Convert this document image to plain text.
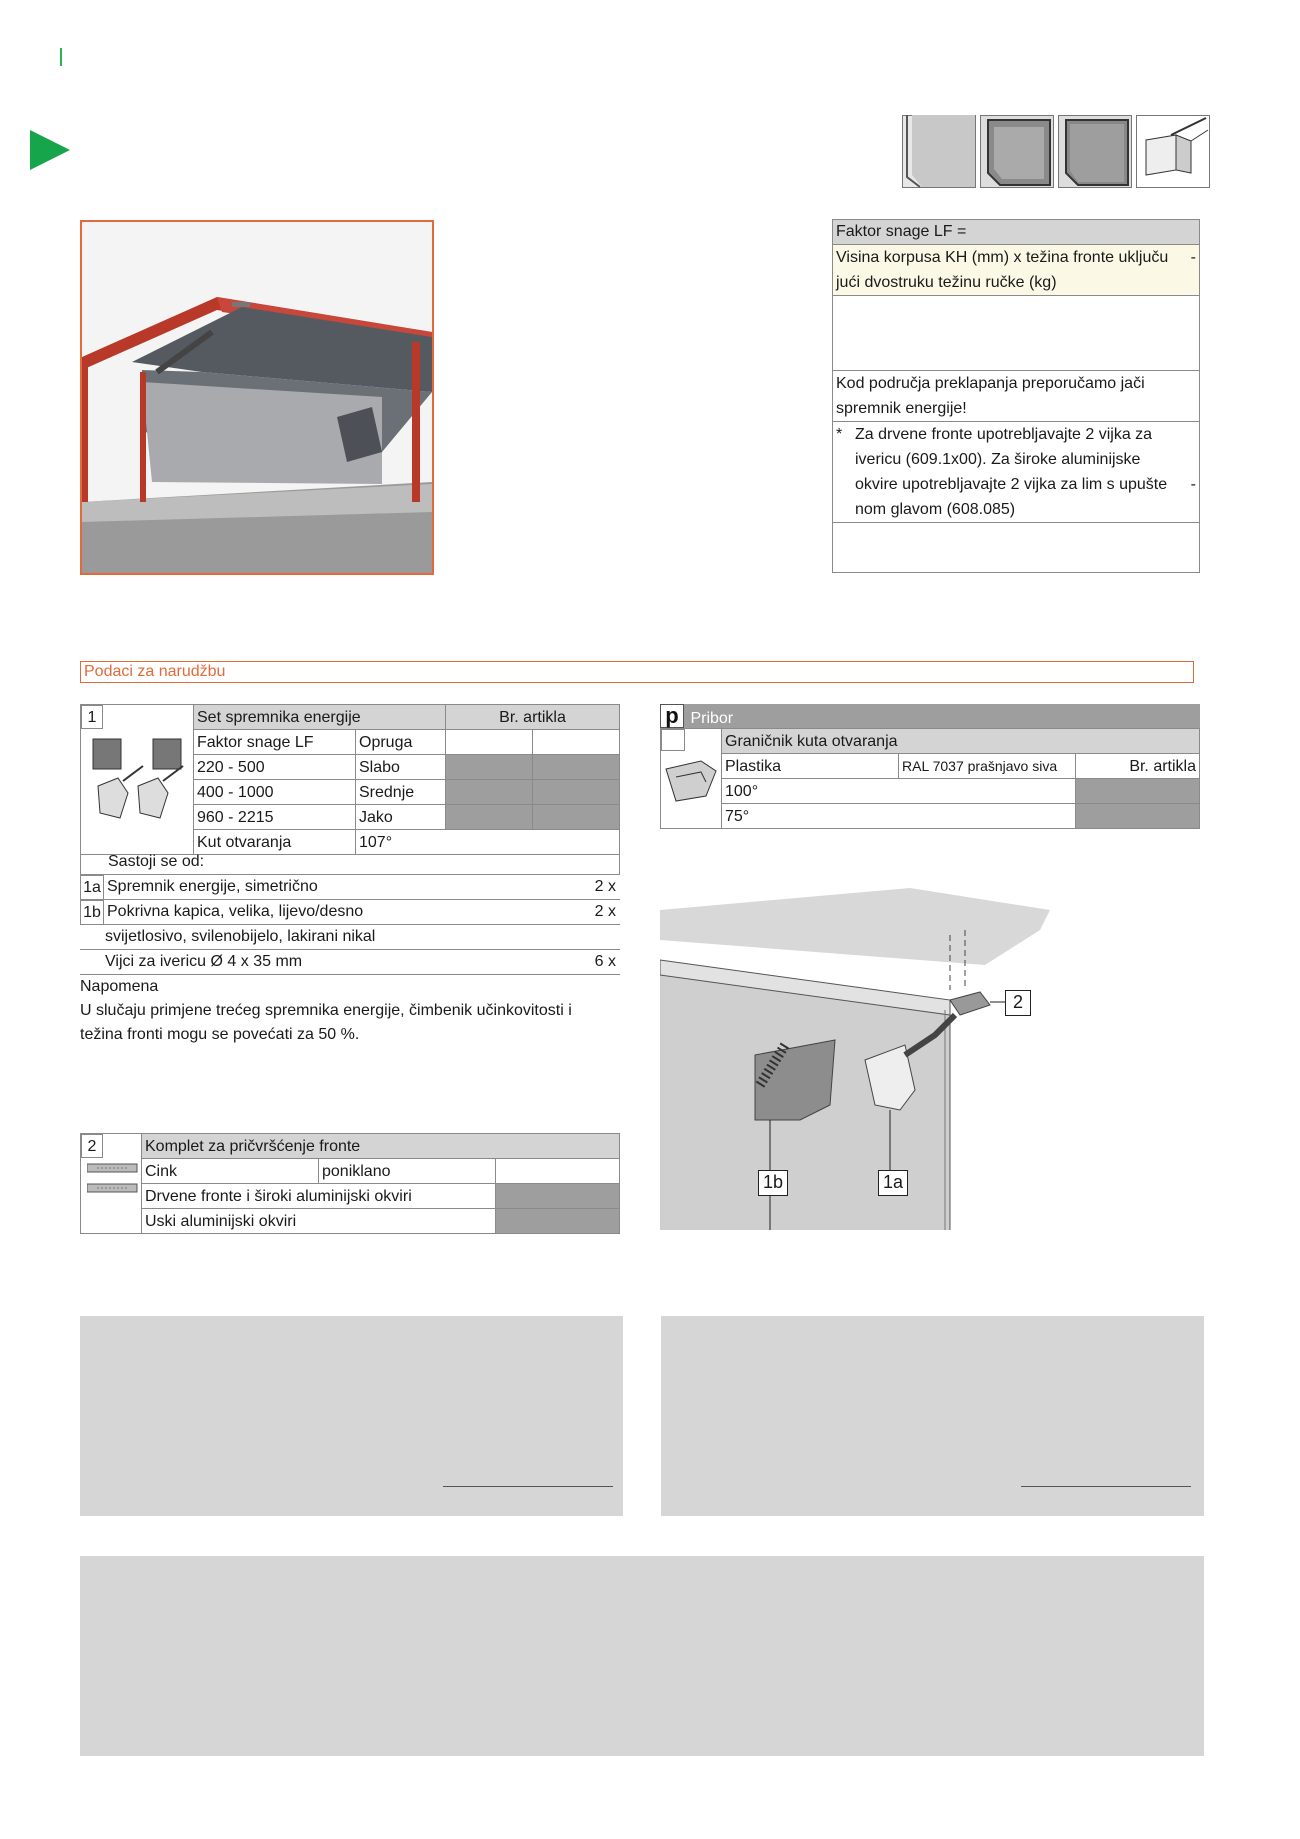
Faktor snage LF =
Visina korpusa KH (mm) x težina fronte uključu
jući dvostruku težinu ručke (kg)
-
Kod područja preklapanja preporučamo jači
spremnik energije!
* Za drvene fronte upotrebljavajte 2 vijka za
ivericu (609.1x00). Za široke aluminijske
okvire upotrebljavajte 2 vijka za lim s upušte
nom glavom (608.085)
-
Podaci za narudžbu
1	Set spremnika energije		Br. artikla	
	Faktor snage LF	Opruga		
	220 - 500	Slabo		
	400 - 1000	Srednje		
	960 - 2215	Jako		
	Kut otvaranja	107°		
Sastoji se od:
1a Spremnik energije, simetrično	2 x
1b Pokrivna kapica, velika, lijevo/desno	2 x
svijetlosivo, svilenobijelo, lakirani nikal
Vijci za ivericu Ø 4 x 35 mm	6 x
Napomena
U slučaju primjene trećeg spremnika energije, čimbenik učinkovitosti i
težina fronti mogu se povećati za 50 %.
p Pribor
	Graničnik kuta otvaranja		
	Plastika	RAL 7037 prašnjavo siva	Br. artikla
	100°		
	75°		
2
1b	1a
2	Komplet za pričvršćenje fronte		
	Cink	poniklano	
	Drvene fronte i široki aluminijski okviri		
	Uski aluminijski okviri		
